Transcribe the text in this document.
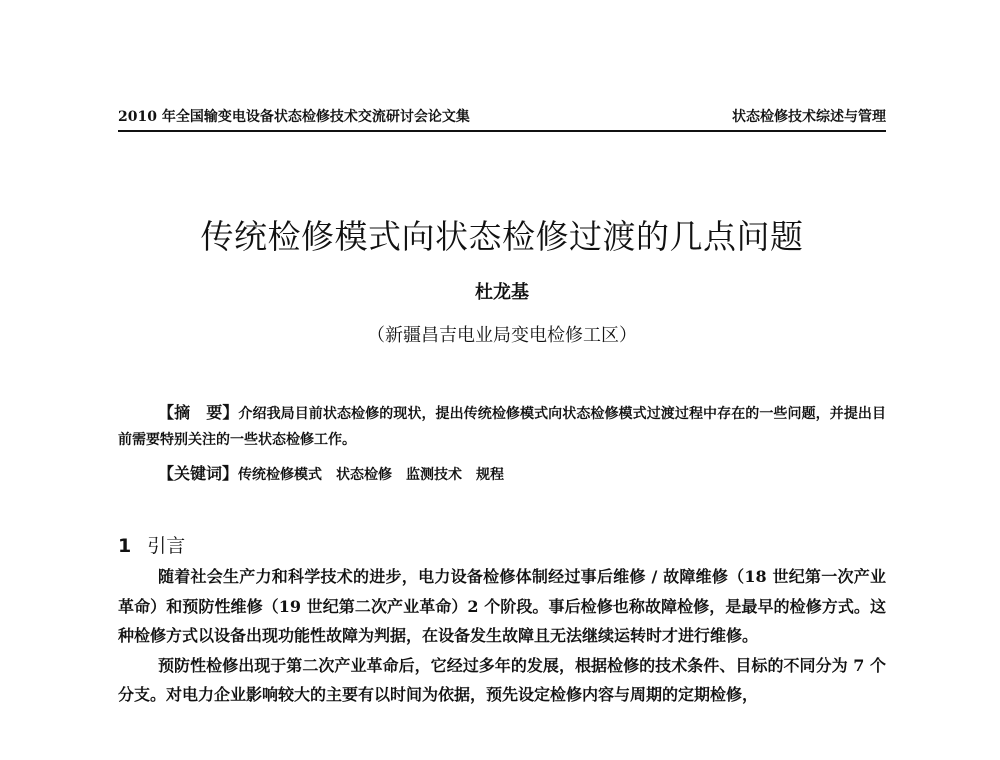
2010 年全国输变电设备状态检修技术交流研讨会论文集	状态检修技术综述与管理
传统检修模式向状态检修过渡的几点问题
杜龙基
（新疆昌吉电业局变电检修工区）
【摘　要】介绍我局目前状态检修的现状，提出传统检修模式向状态检修模式过渡过程中存在的一些问题，并提出目前需要特别关注的一些状态检修工作。
【关键词】传统检修模式 状态检修 监测技术 规程
1 引言

随着社会生产力和科学技术的进步，电力设备检修体制经过事后维修 / 故障维修（18 世纪第一次产业革命）和预防性维修（19 世纪第二次产业革命）2 个阶段。事后检修也称故障检修，是最早的检修方式。这种检修方式以设备出现功能性故障为判据，在设备发生故障且无法继续运转时才进行维修。

预防性检修出现于第二次产业革命后，它经过多年的发展，根据检修的技术条件、目标的不同分为 7 个分支。对电力企业影响较大的主要有以时间为依据，预先设定检修内容与周期的定期检修，
